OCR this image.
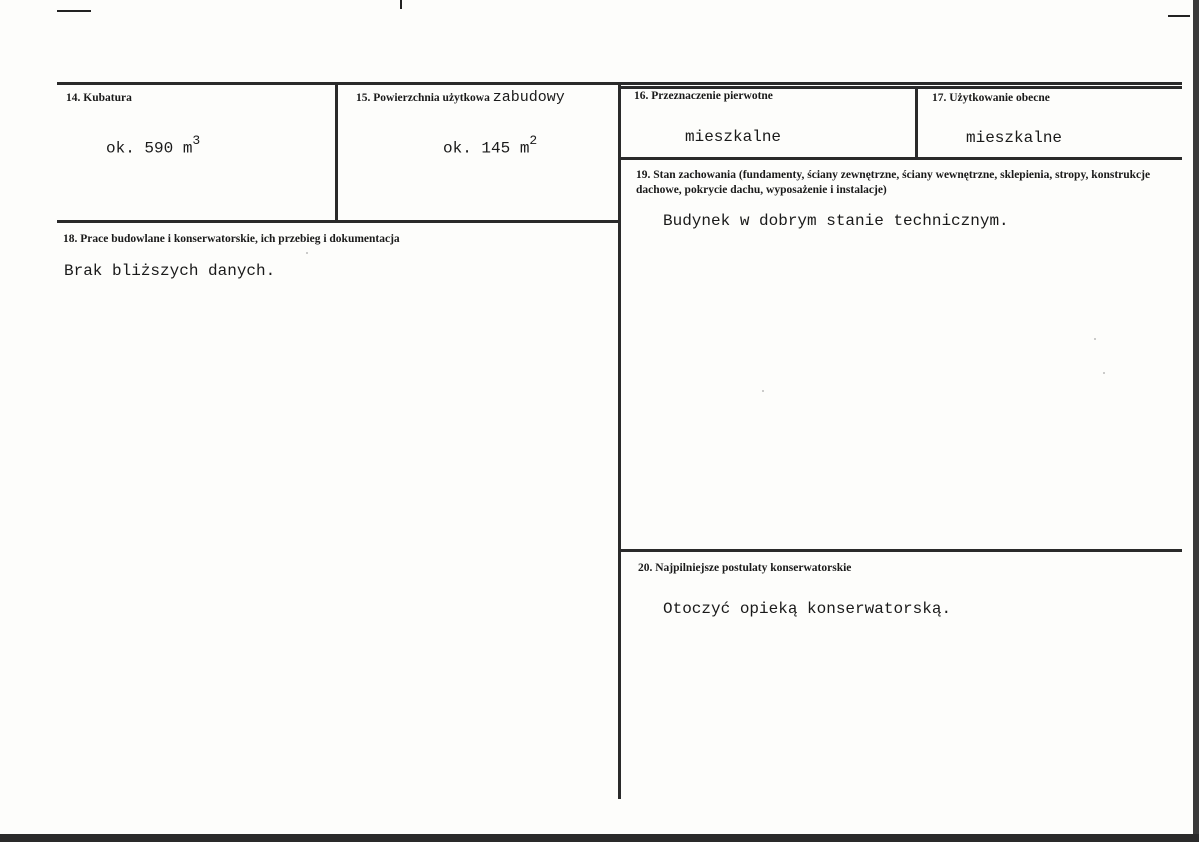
14. Kubatura
ok. 590 $m^3$
15. Powierzchnia użytkowa zabudowy
ok. 145 $m^2$
16. Przeznaczenie pierwotne
mieszkalne
17. Użytkowanie obecne
mieszkalne
18. Prace budowlane i konserwatorskie, ich przebieg i dokumentacja
Brak bliższych danych.
19. Stan zachowania (fundamenty, ściany zewnętrzne, ściany wewnętrzne, sklepienia, stropy, konstrukcje dachowe, pokrycie dachu, wyposażenie i instalacje)
Budynek w dobrym stanie technicznym.
20. Najpilniejsze postulaty konserwatorskie
Otoczyć opieką konserwatorską.
